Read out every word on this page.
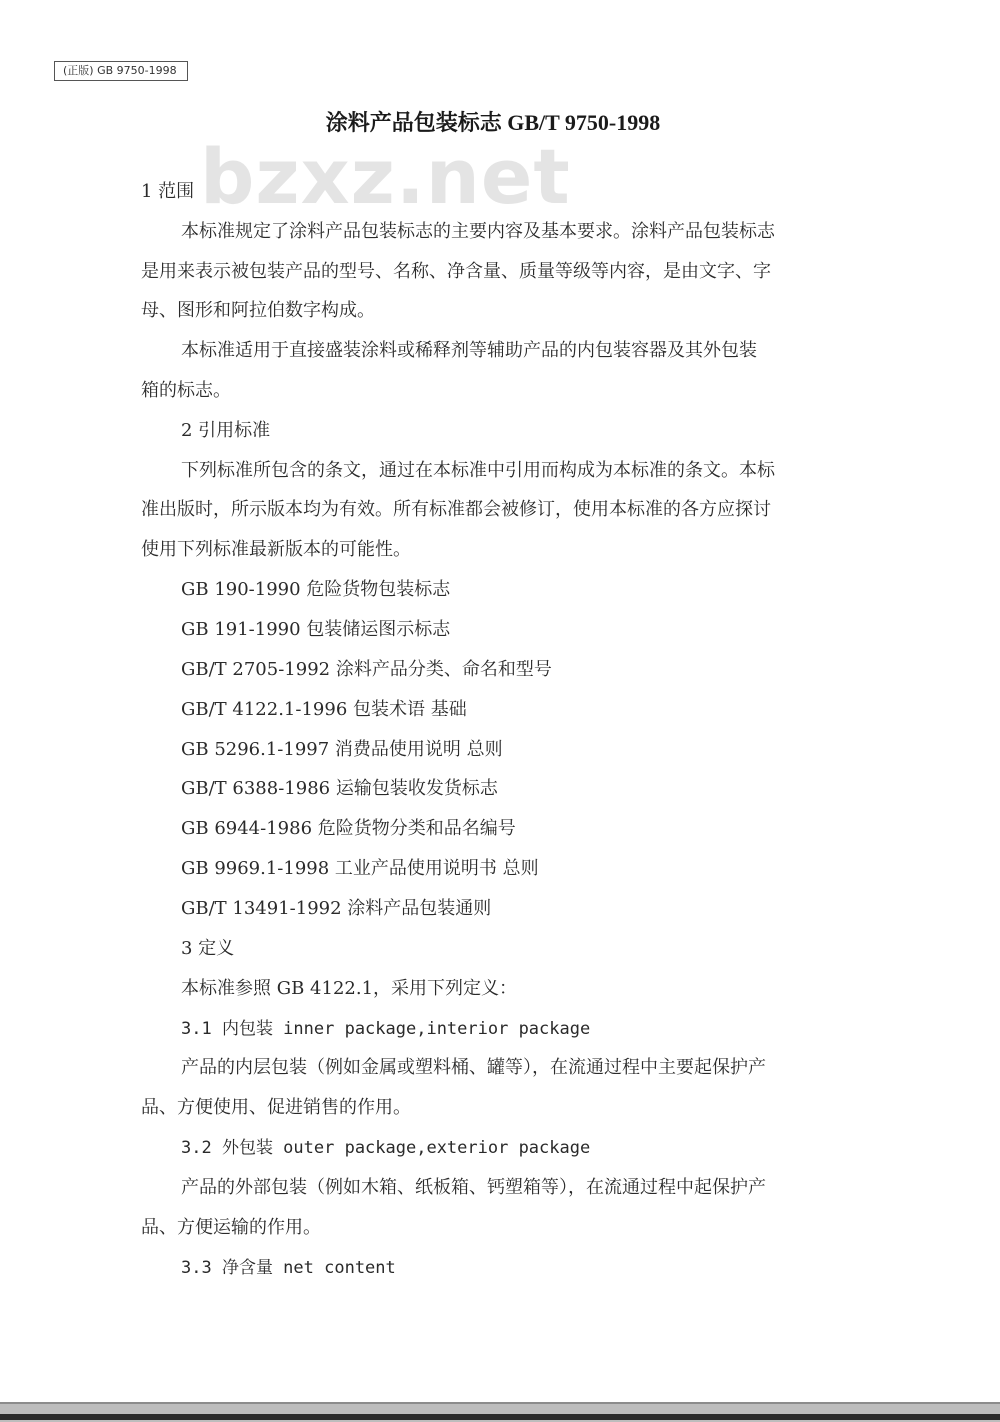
(正版) GB 9750-1998
bzxz.net
涂料产品包装标志 GB/T 9750-1998
1 范围
本标准规定了涂料产品包装标志的主要内容及基本要求。涂料产品包装标志
是用来表示被包装产品的型号、名称、净含量、质量等级等内容，是由文字、字
母、图形和阿拉伯数字构成。
本标准适用于直接盛装涂料或稀释剂等辅助产品的内包装容器及其外包装
箱的标志。
2 引用标准
下列标准所包含的条文，通过在本标准中引用而构成为本标准的条文。本标
准出版时，所示版本均为有效。所有标准都会被修订，使用本标准的各方应探讨
使用下列标准最新版本的可能性。
GB 190-1990 危险货物包装标志
GB 191-1990 包装储运图示标志
GB/T 2705-1992 涂料产品分类、命名和型号
GB/T 4122.1-1996 包装术语 基础
GB 5296.1-1997 消费品使用说明 总则
GB/T 6388-1986 运输包装收发货标志
GB 6944-1986 危险货物分类和品名编号
GB 9969.1-1998 工业产品使用说明书 总则
GB/T 13491-1992 涂料产品包装通则
3 定义
本标准参照 GB 4122.1，采用下列定义：
3.1 内包装 inner package,interior package
产品的内层包装（例如金属或塑料桶、罐等），在流通过程中主要起保护产
品、方便使用、促进销售的作用。
3.2 外包装 outer package,exterior package
产品的外部包装（例如木箱、纸板箱、钙塑箱等），在流通过程中起保护产
品、方便运输的作用。
3.3 净含量 net content
